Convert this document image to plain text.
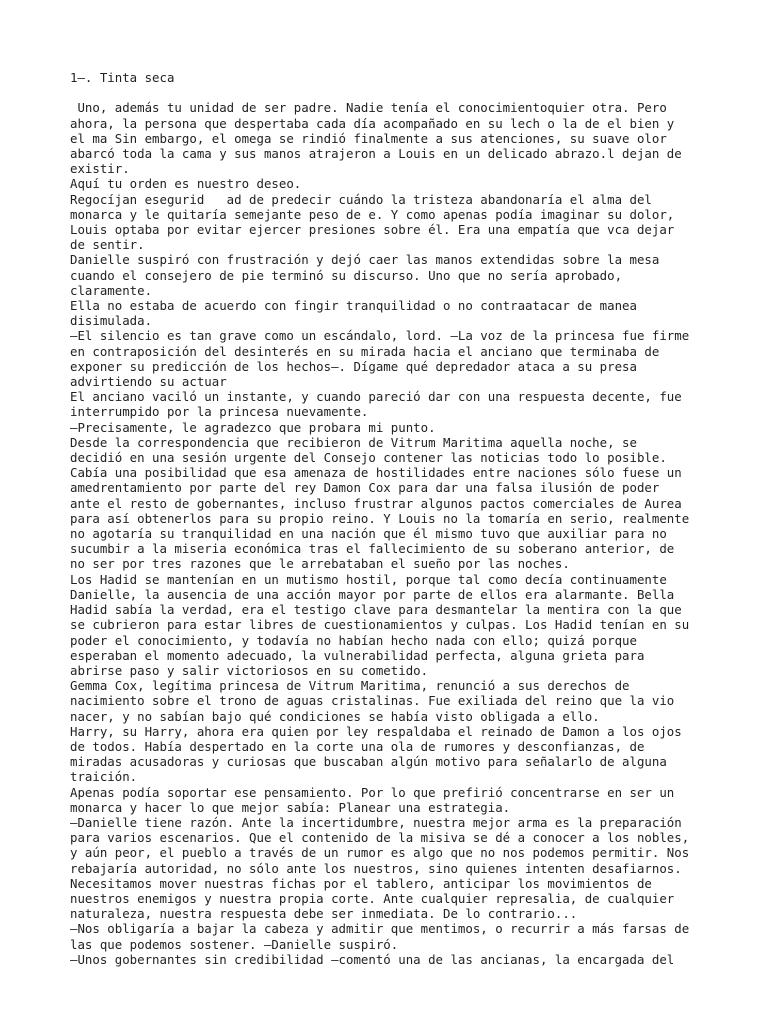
1—. Tinta seca
Uno, además tu unidad de ser padre. Nadie tenía el conocimientoquier otra. Pero
ahora, la persona que despertaba cada día acompañado en su lech o la de el bien y
el ma Sin embargo, el omega se rindió finalmente a sus atenciones, su suave olor
abarcó toda la cama y sus manos atrajeron a Louis en un delicado abrazo.l dejan de
existir.
Aquí tu orden es nuestro deseo.
Regocíjan esegurid   ad de predecir cuándo la tristeza abandonaría el alma del
monarca y le quitaría semejante peso de e. Y como apenas podía imaginar su dolor,
Louis optaba por evitar ejercer presiones sobre él. Era una empatía que vca dejar
de sentir.
Danielle suspiró con frustración y dejó caer las manos extendidas sobre la mesa
cuando el consejero de pie terminó su discurso. Uno que no sería aprobado,
claramente.
Ella no estaba de acuerdo con fingir tranquilidad o no contraatacar de manea
disimulada.
—El silencio es tan grave como un escándalo, lord. —La voz de la princesa fue firme
en contraposición del desinterés en su mirada hacia el anciano que terminaba de
exponer su predicción de los hechos—. Dígame qué depredador ataca a su presa
advirtiendo su actuar
El anciano vaciló un instante, y cuando pareció dar con una respuesta decente, fue
interrumpido por la princesa nuevamente.
—Precisamente, le agradezco que probara mi punto.
Desde la correspondencia que recibieron de Vitrum Maritima aquella noche, se
decidió en una sesión urgente del Consejo contener las noticias todo lo posible.
Cabía una posibilidad que esa amenaza de hostilidades entre naciones sólo fuese un
amedrentamiento por parte del rey Damon Cox para dar una falsa ilusión de poder
ante el resto de gobernantes, incluso frustrar algunos pactos comerciales de Aurea
para así obtenerlos para su propio reino. Y Louis no la tomaría en serio, realmente
no agotaría su tranquilidad en una nación que él mismo tuvo que auxiliar para no
sucumbir a la miseria económica tras el fallecimiento de su soberano anterior, de
no ser por tres razones que le arrebataban el sueño por las noches.
Los Hadid se mantenían en un mutismo hostil, porque tal como decía continuamente
Danielle, la ausencia de una acción mayor por parte de ellos era alarmante. Bella
Hadid sabía la verdad, era el testigo clave para desmantelar la mentira con la que
se cubrieron para estar libres de cuestionamientos y culpas. Los Hadid tenían en su
poder el conocimiento, y todavía no habían hecho nada con ello; quizá porque
esperaban el momento adecuado, la vulnerabilidad perfecta, alguna grieta para
abrirse paso y salir victoriosos en su cometido.
Gemma Cox, legítima princesa de Vitrum Maritima, renunció a sus derechos de
nacimiento sobre el trono de aguas cristalinas. Fue exiliada del reino que la vio
nacer, y no sabían bajo qué condiciones se había visto obligada a ello.
Harry, su Harry, ahora era quien por ley respaldaba el reinado de Damon a los ojos
de todos. Había despertado en la corte una ola de rumores y desconfianzas, de
miradas acusadoras y curiosas que buscaban algún motivo para señalarlo de alguna
traición.
Apenas podía soportar ese pensamiento. Por lo que prefirió concentrarse en ser un
monarca y hacer lo que mejor sabía: Planear una estrategia.
—Danielle tiene razón. Ante la incertidumbre, nuestra mejor arma es la preparación
para varios escenarios. Que el contenido de la misiva se dé a conocer a los nobles,
y aún peor, el pueblo a través de un rumor es algo que no nos podemos permitir. Nos
rebajaría autoridad, no sólo ante los nuestros, sino quienes intenten desafiarnos.
Necesitamos mover nuestras fichas por el tablero, anticipar los movimientos de
nuestros enemigos y nuestra propia corte. Ante cualquier represalia, de cualquier
naturaleza, nuestra respuesta debe ser inmediata. De lo contrario...
—Nos obligaría a bajar la cabeza y admitir que mentimos, o recurrir a más farsas de
las que podemos sostener. —Danielle suspiró.
—Unos gobernantes sin credibilidad —comentó una de las ancianas, la encargada del
